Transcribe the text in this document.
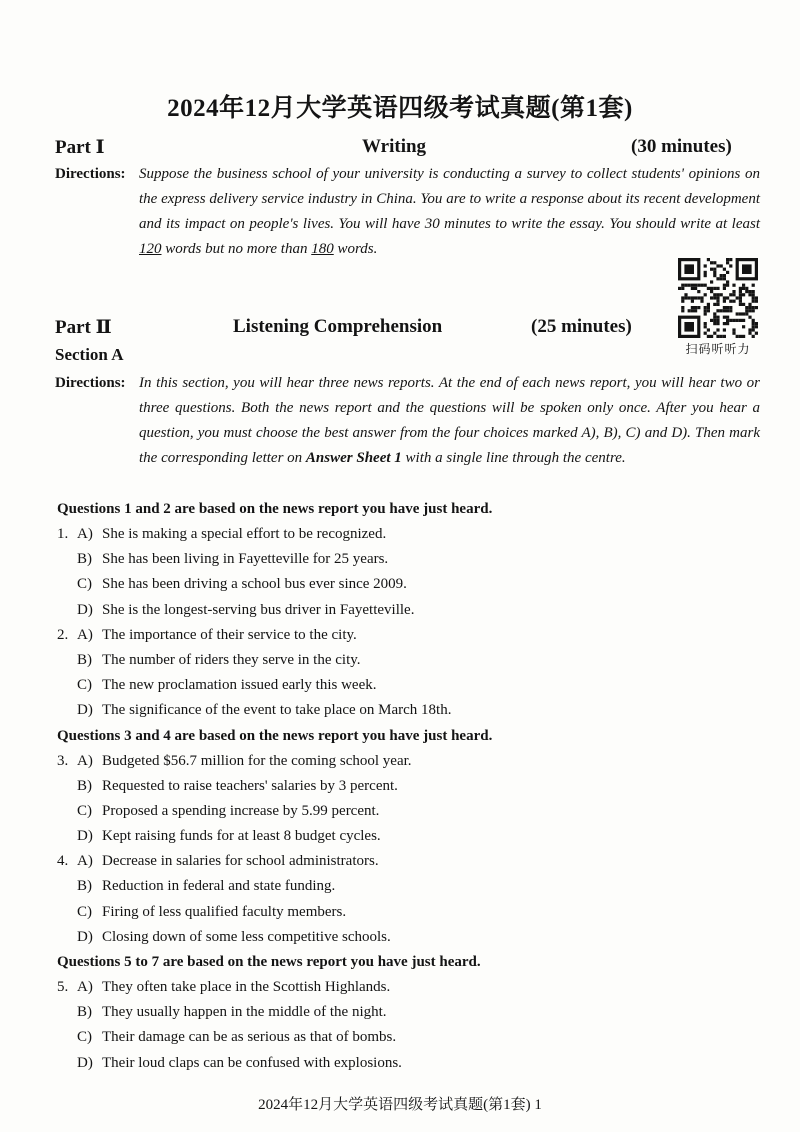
2024年12月大学英语四级考试真题(第1套)
Part Ⅰ	Writing	(30 minutes)
Directions: Suppose the business school of your university is conducting a survey to collect students' opinions on the express delivery service industry in China. You are to write a response about its recent development and its impact on people's lives. You will have 30 minutes to write the essay. You should write at least 120 words but no more than 180 words.
扫码听听力
Part Ⅱ	Listening Comprehension	(25 minutes)
Section A
Directions: In this section, you will hear three news reports. At the end of each news report, you will hear two or three questions. Both the news report and the questions will be spoken only once. After you hear a question, you must choose the best answer from the four choices marked A), B), C) and D). Then mark the corresponding letter on Answer Sheet 1 with a single line through the centre.
Questions 1 and 2 are based on the news report you have just heard.
1. A) She is making a special effort to be recognized.
B) She has been living in Fayetteville for 25 years.
C) She has been driving a school bus ever since 2009.
D) She is the longest-serving bus driver in Fayetteville.
2. A) The importance of their service to the city.
B) The number of riders they serve in the city.
C) The new proclamation issued early this week.
D) The significance of the event to take place on March 18th.
Questions 3 and 4 are based on the news report you have just heard.
3. A) Budgeted $56.7 million for the coming school year.
B) Requested to raise teachers' salaries by 3 percent.
C) Proposed a spending increase by 5.99 percent.
D) Kept raising funds for at least 8 budget cycles.
4. A) Decrease in salaries for school administrators.
B) Reduction in federal and state funding.
C) Firing of less qualified faculty members.
D) Closing down of some less competitive schools.
Questions 5 to 7 are based on the news report you have just heard.
5. A) They often take place in the Scottish Highlands.
B) They usually happen in the middle of the night.
C) Their damage can be as serious as that of bombs.
D) Their loud claps can be confused with explosions.
2024年12月大学英语四级考试真题(第1套) 1
